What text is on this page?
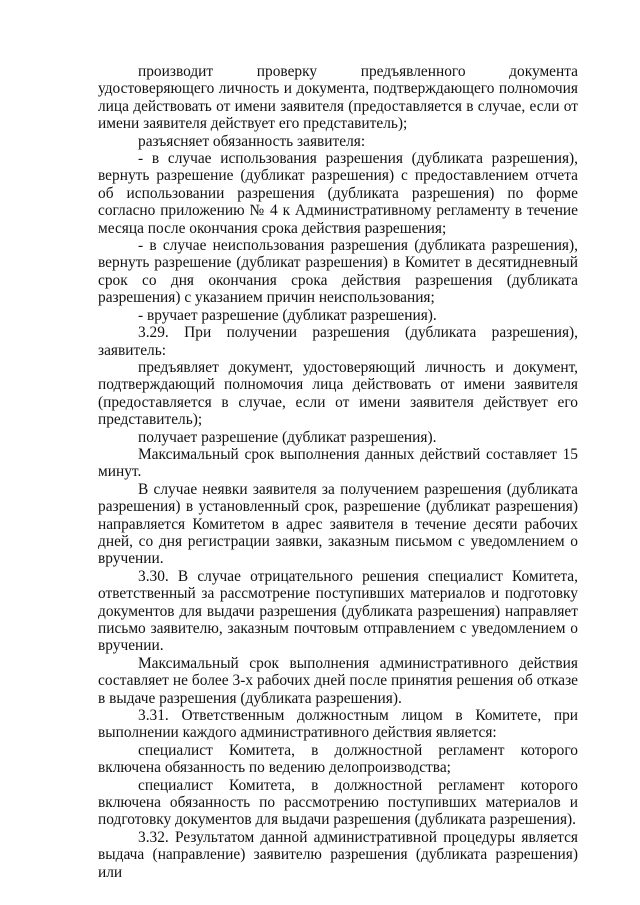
производит проверку предъявленного документа удостоверяющего личность и документа, подтверждающего полномочия лица действовать от имени заявителя (предоставляется в случае, если от имени заявителя действует его представитель);

разъясняет обязанность заявителя:

- в случае использования разрешения (дубликата разрешения), вернуть разрешение (дубликат разрешения) с предоставлением отчета об использовании разрешения (дубликата разрешения) по форме согласно приложению № 4 к Административному регламенту в течение месяца после окончания срока действия разрешения;

- в случае неиспользования разрешения (дубликата разрешения), вернуть разрешение (дубликат разрешения) в Комитет в десятидневный срок со дня окончания срока действия разрешения (дубликата разрешения) с указанием причин неиспользования;

- вручает разрешение (дубликат разрешения).

3.29. При получении разрешения (дубликата разрешения), заявитель:

предъявляет документ, удостоверяющий личность и документ, подтверждающий полномочия лица действовать от имени заявителя (предоставляется в случае, если от имени заявителя действует его представитель);

получает разрешение (дубликат разрешения).

Максимальный срок выполнения данных действий составляет 15 минут.

В случае неявки заявителя за получением разрешения (дубликата разрешения) в установленный срок, разрешение (дубликат разрешения) направляется Комитетом в адрес заявителя в течение десяти рабочих дней, со дня регистрации заявки, заказным письмом с уведомлением о вручении.

3.30. В случае отрицательного решения специалист Комитета, ответственный за рассмотрение поступивших материалов и подготовку документов для выдачи разрешения (дубликата разрешения) направляет письмо заявителю, заказным почтовым отправлением с уведомлением о вручении.

Максимальный срок выполнения административного действия составляет не более 3-х рабочих дней после принятия решения об отказе в выдаче разрешения (дубликата разрешения).

3.31. Ответственным должностным лицом в Комитете, при выполнении каждого административного действия является:

специалист Комитета, в должностной регламент которого включена обязанность по ведению делопроизводства;

специалист Комитета, в должностной регламент которого включена обязанность по рассмотрению поступивших материалов и подготовку документов для выдачи разрешения (дубликата разрешения).

3.32. Результатом данной административной процедуры является выдача (направление) заявителю разрешения (дубликата разрешения) или
